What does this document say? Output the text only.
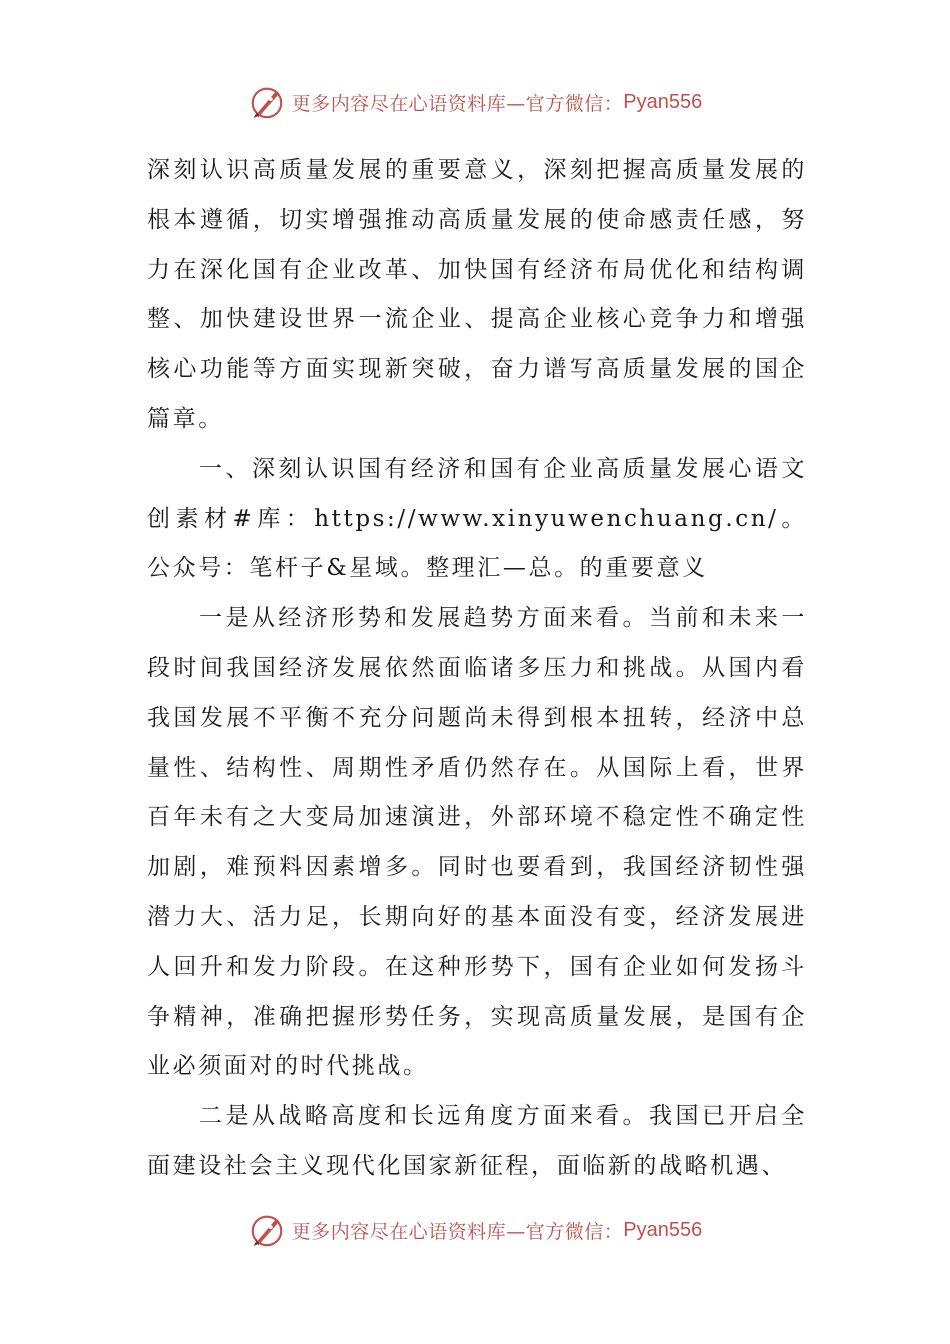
更多内容尽在心语资料库—官方微信： Pyan556

深刻认识高质量发展的重要意义，深刻把握高质量发展的根本遵循，切实增强推动高质量发展的使命感责任感，努力在深化国有企业改革、加快国有经济布局优化和结构调整、加快建设世界一流企业、提高企业核心竞争力和增强核心功能等方面实现新突破，奋力谱写高质量发展的国企篇章。

一、深刻认识国有经济和国有企业高质量发展心语文创素材#库：https://www.xinyuwenchuang.cn/。公众号：笔杆子&星域。整理汇—总。的重要意义

一是从经济形势和发展趋势方面来看。当前和未来一段时间我国经济发展依然面临诸多压力和挑战。从国内看我国发展不平衡不充分问题尚未得到根本扭转，经济中总量性、结构性、周期性矛盾仍然存在。从国际上看，世界百年未有之大变局加速演进，外部环境不稳定性不确定性加剧，难预料因素增多。同时也要看到，我国经济韧性强潜力大、活力足，长期向好的基本面没有变，经济发展进人回升和发力阶段。在这种形势下，国有企业如何发扬斗争精神，准确把握形势任务，实现高质量发展，是国有企业必须面对的时代挑战。

二是从战略高度和长远角度方面来看。我国已开启全面建设社会主义现代化国家新征程，面临新的战略机遇、

更多内容尽在心语资料库—官方微信： Pyan556
